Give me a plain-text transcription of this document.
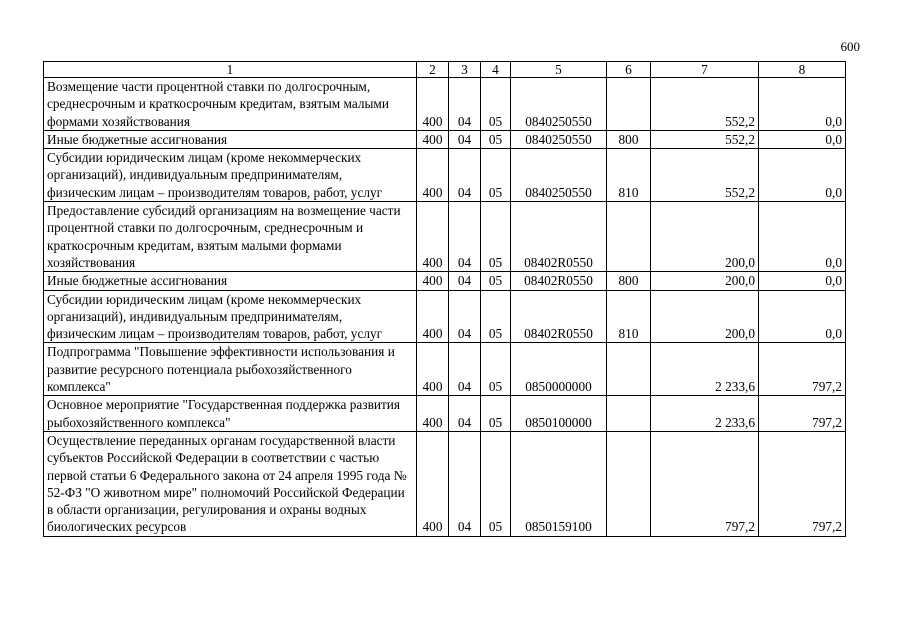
600
1	2	3	4	5	6	7	8
Возмещение части процентной ставки по долгосрочным, среднесрочным и краткосрочным кредитам, взятым малыми формами хозяйствования	400	04	05	0840250550		552,2	0,0
Иные бюджетные ассигнования	400	04	05	0840250550	800	552,2	0,0
Субсидии юридическим лицам (кроме некоммерческих организаций), индивидуальным предпринимателям, физическим лицам – производителям товаров, работ, услуг	400	04	05	0840250550	810	552,2	0,0
Предоставление субсидий организациям на возмещение части процентной ставки по долгосрочным, среднесрочным и краткосрочным кредитам, взятым малыми формами хозяйствования	400	04	05	08402R0550		200,0	0,0
Иные бюджетные ассигнования	400	04	05	08402R0550	800	200,0	0,0
Субсидии юридическим лицам (кроме некоммерческих организаций), индивидуальным предпринимателям, физическим лицам – производителям товаров, работ, услуг	400	04	05	08402R0550	810	200,0	0,0
Подпрограмма "Повышение эффективности использования и развитие ресурсного потенциала рыбохозяйственного комплекса"	400	04	05	0850000000		2 233,6	797,2
Основное мероприятие "Государственная поддержка развития рыбохозяйственного комплекса"	400	04	05	0850100000		2 233,6	797,2
Осуществление переданных органам государственной власти субъектов Российской Федерации в соответствии с частью первой статьи 6 Федерального закона от 24 апреля 1995 года № 52-ФЗ "О животном мире" полномочий Российской Федерации в области организации, регулирования и охраны водных биологических ресурсов	400	04	05	0850159100		797,2	797,2
